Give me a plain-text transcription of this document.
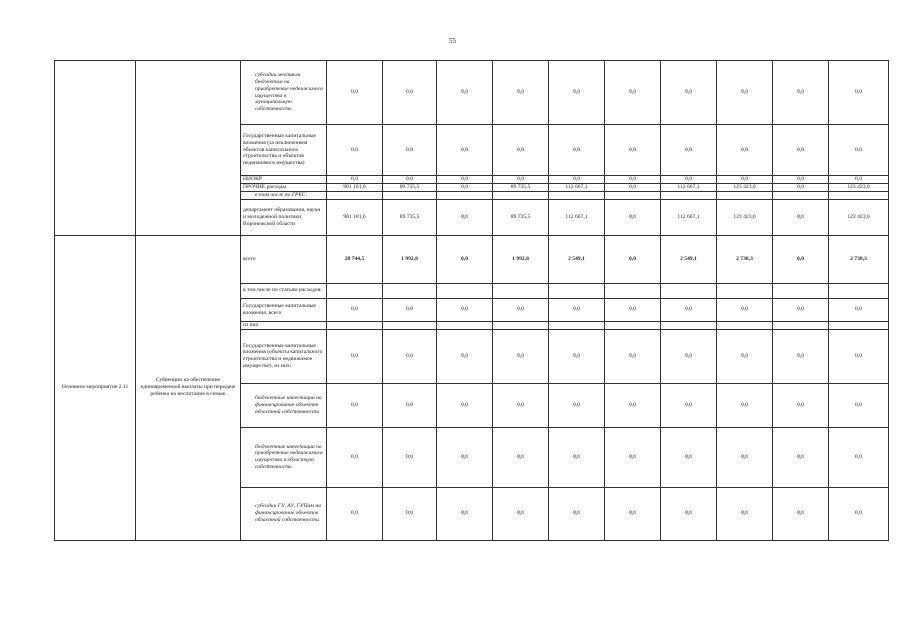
55
		субсидии местным бюджетам на приобретение недвижимого имущества в муниципальную собственность	0,0	0,0	0,0	0,0	0,0	0,0	0,0	0,0	0,0	0,0
		Государственные капитальные вложения (за исключением объектов капитального строительства и объектов недвижимого имущества)	0,0	0,0	0,0	0,0	0,0	0,0	0,0	0,0	0,0	0,0
		НИОКР	0,0	0,0	0,0	0,0	0,0	0,0	0,0	0,0	0,0	0,0
		ПРОЧИЕ расходы	901 181,6	89 735,5	0,0	89 735,5	112 667,1	0,0	112 667,1	123 423,0	0,0	123 423,0
		в том числе по ГРБС:										
		департамент образования, науки и молодежной политики Воронежской области	901 181,6	89 735,5	0,0	89 735,5	112 667,1	0,0	112 667,1	123 423,0	0,0	123 423,0
Основное мероприятие 2.11	Субвенции на обеспечение единовременной выплаты при передаче ребенка на воспитание в семью	всего	28 744,5	1 992,8	0,0	1 992,8	2 549,1	0,0	2 549,1	2 738,3	0,0	2 738,3
		в том числе по статьям расходов:										
		Государственные капитальные вложения, всего	0,0	0,0	0,0	0,0	0,0	0,0	0,0	0,0	0,0	0,0
		из них										
		Государственные капитальные вложения (объекты капитального строительства и недвижимое имущество), из них:	0,0	0,0	0,0	0,0	0,0	0,0	0,0	0,0	0,0	0,0
		бюджетные инвестиции на финансирование объектов областной собственности	0,0	0,0	0,0	0,0	0,0	0,0	0,0	0,0	0,0	0,0
		бюджетные инвестиции на приобретение недвижимого имущества в областную собственность	0,0	0,0	0,0	0,0	0,0	0,0	0,0	0,0	0,0	0,0
		субсидии ГУ, АУ, ГУПам на финансирование объектов областной собственности	0,0	0,0	0,0	0,0	0,0	0,0	0,0	0,0	0,0	0,0
